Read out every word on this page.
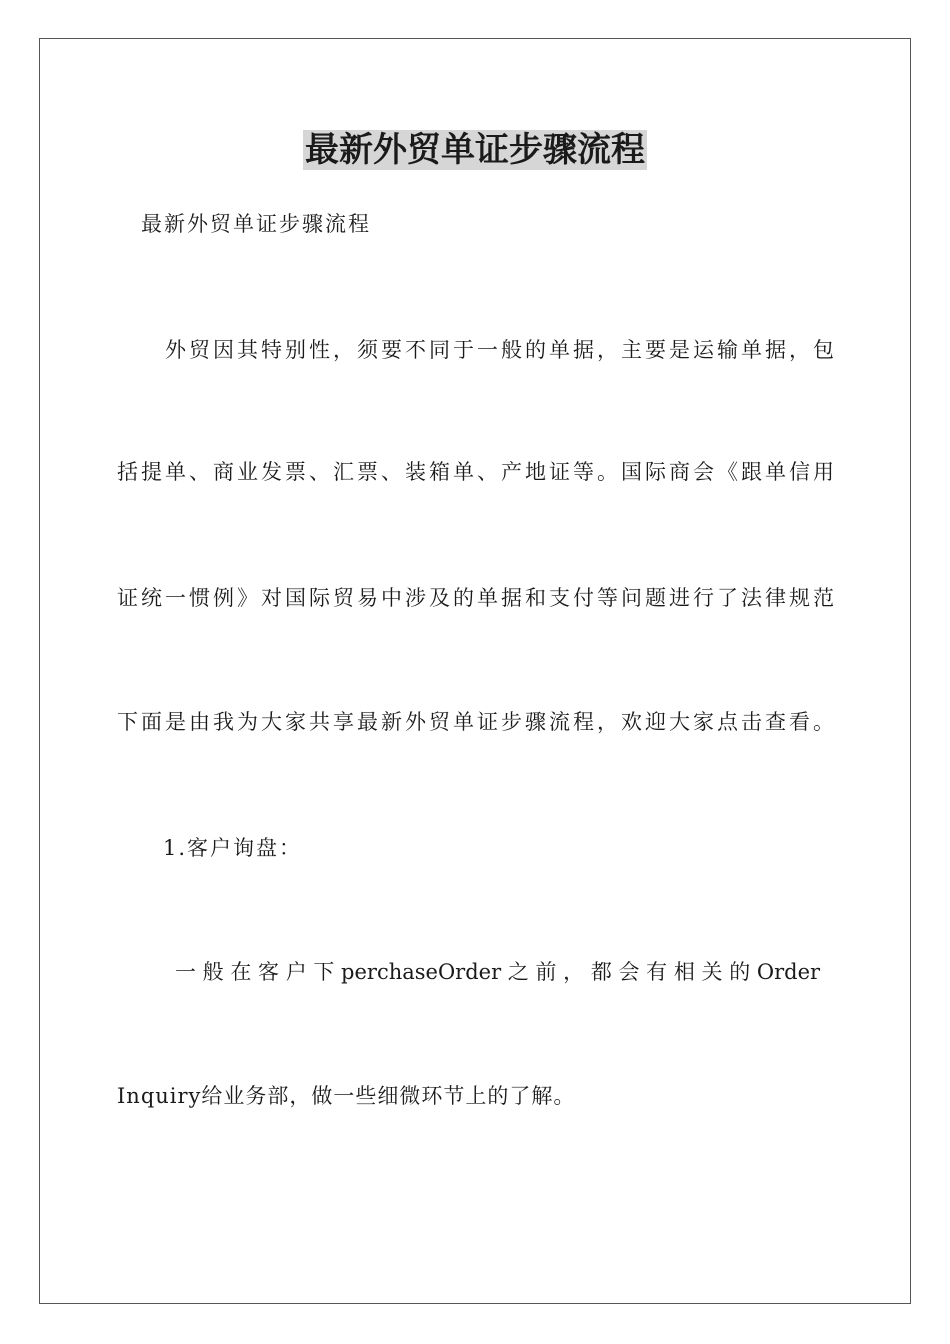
最新外贸单证步骤流程
最新外贸单证步骤流程
外贸因其特别性，须要不同于一般的单据，主要是运输单据，包
括提单、商业发票、汇票、装箱单、产地证等。国际商会《跟单信用
证统一惯例》对国际贸易中涉及的单据和支付等问题进行了法律规范
下面是由我为大家共享最新外贸单证步骤流程，欢迎大家点击查看。
1.客户询盘：
一 般 在 客 户 下 perchaseOrder 之 前 ， 都 会 有 相 关 的 Order
Inquiry给业务部，做一些细微环节上的了解。
